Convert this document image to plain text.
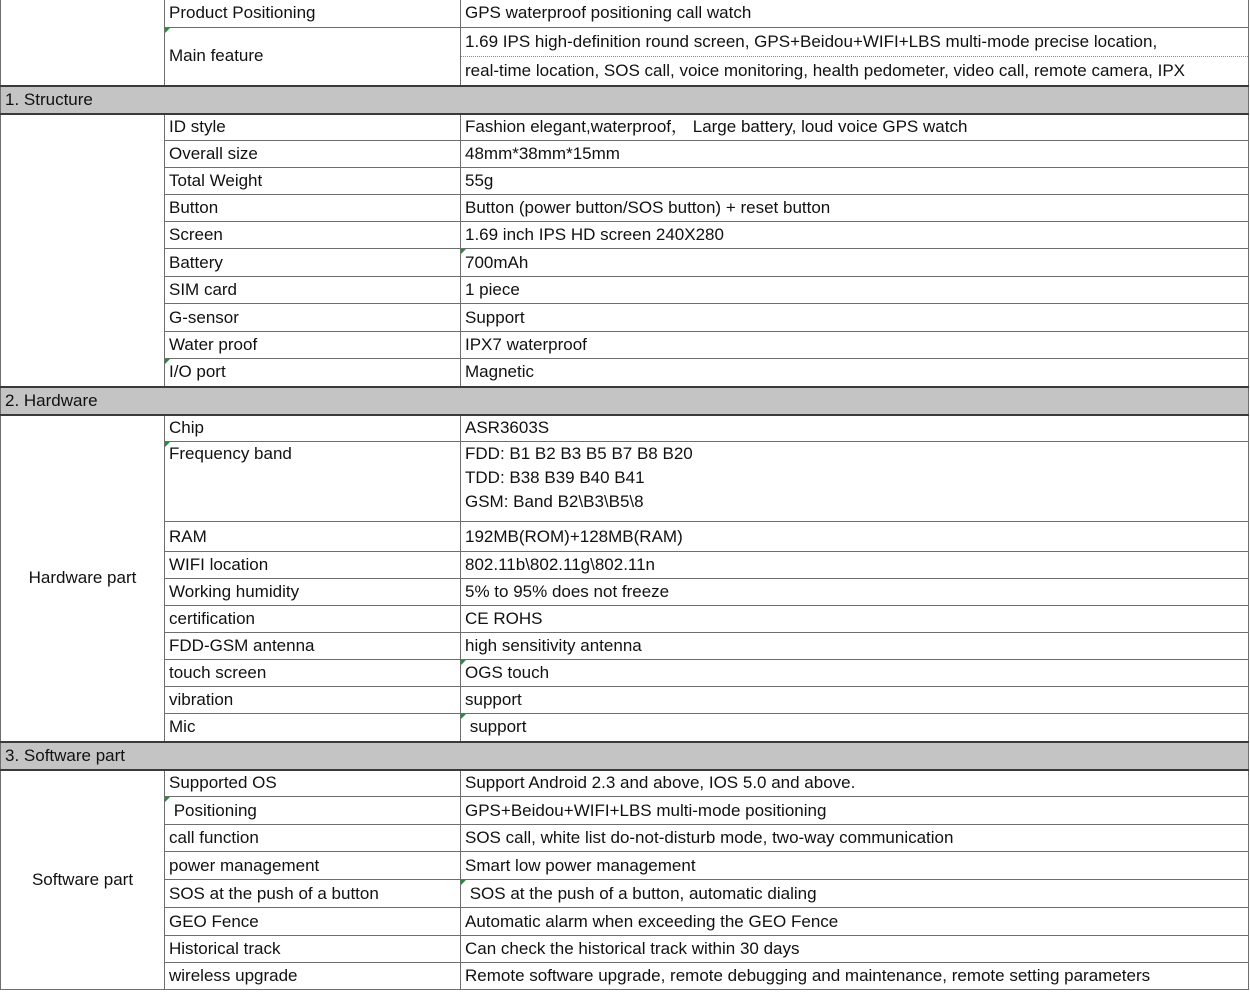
	Product Positioning	GPS waterproof positioning call watch
	Main feature	1.69 IPS high-definition round screen, GPS+Beidou+WIFI+LBS multi-mode precise location,
real-time location, SOS call, voice monitoring, health pedometer, video call, remote camera, IPX

1. Structure		
	ID style	Fashion elegant,waterproof， Large battery, loud voice GPS watch
	Overall size	48mm*38mm*15mm
	Total Weight	55g
	Button	Button (power button/SOS button) + reset button
	Screen	1.69 inch IPS HD screen 240X280
	Battery	700mAh
	SIM card	1 piece
	G-sensor	Support
	Water proof	IPX7 waterproof
	I/O port	Magnetic
2. Hardware		
Hardware part	Chip	ASR3603S
	Frequency band	FDD: B1 B2 B3 B5 B7 B8 B20
TDD: B38 B39 B40 B41
GSM: Band B2\B3\B5\8

	RAM	192MB(ROM)+128MB(RAM)
	WIFI location	802.11b\802.11g\802.11n
	Working humidity	5% to 95% does not freeze
	certification	CE ROHS
	FDD-GSM antenna	high sensitivity antenna
	touch screen	OGS touch
	vibration	support
	Mic	support
3. Software part		
Software part	Supported OS	Support Android 2.3 and above, IOS 5.0 and above.
	Positioning	GPS+Beidou+WIFI+LBS multi-mode positioning
	call function	SOS call, white list do-not-disturb mode, two-way communication
	power management	Smart low power management
	SOS at the push of a button	SOS at the push of a button, automatic dialing
	GEO Fence	Automatic alarm when exceeding the GEO Fence
	Historical track	Can check the historical track within 30 days
	wireless upgrade	Remote software upgrade, remote debugging and maintenance, remote setting parameters
